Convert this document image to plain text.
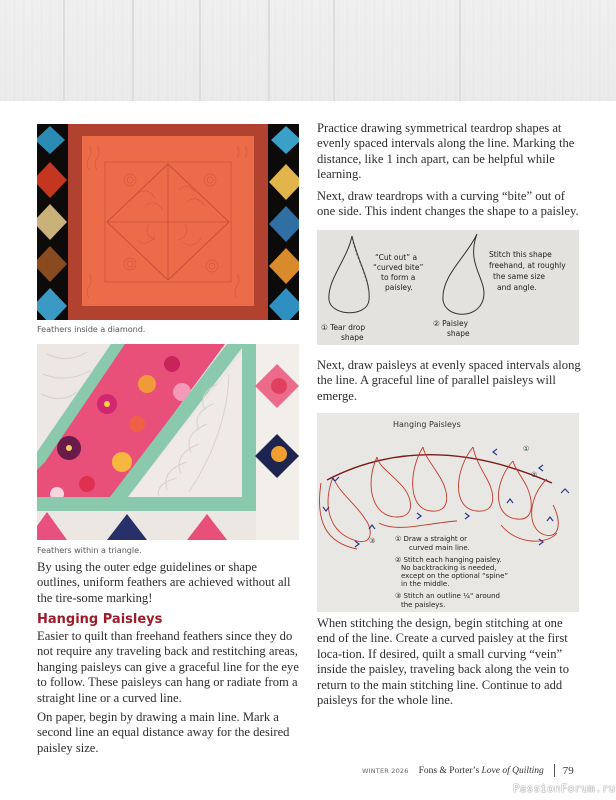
Feathers inside a diamond.
Feathers within a triangle.

By using the outer edge guidelines or shape outlines, uniform feathers are achieved without all the tire-some marking!

Hanging Paisleys

Easier to quilt than freehand feathers since they do not require any traveling back and restitching areas, hanging paisleys can give a graceful line for the eye to follow. These paisleys can hang or radiate from a straight line or a curved line.

On paper, begin by drawing a main line. Mark a second line an equal distance away for the desired paisley size.

Practice drawing symmetrical teardrop shapes at evenly spaced intervals along the line. Marking the distance, like 1 inch apart, can be helpful while learning.

Next, draw teardrops with a curving “bite” out of one side. This indent changes the shape to a paisley.

“Cut out” a
“curved bite”
to form a
paisley.
① Tear drop
shape
② Paisley
shape
Stitch this shape
freehand, at roughly
the same size
and angle.

Next, draw paisleys at evenly spaced intervals along the line. A graceful line of parallel paisleys will emerge.

Hanging Paisleys
①
②
③	① Draw a straight or
curved main line.
② Stitch each hanging paisley.
No backtracking is needed,
except on the optional “spine”
in the middle.
③ Stitch an outline ¼" around
the paisleys.

When stitching the design, begin stitching at one end of the line. Create a curved paisley at the first loca-tion. If desired, quilt a small curving “vein” inside the paisley, traveling back along the vein to return to the main stitching line. Continue to add paisleys for the whole line.

WINTER 2026 Fons & Porter’s Love of Quilting 79
PassionForum.ru
